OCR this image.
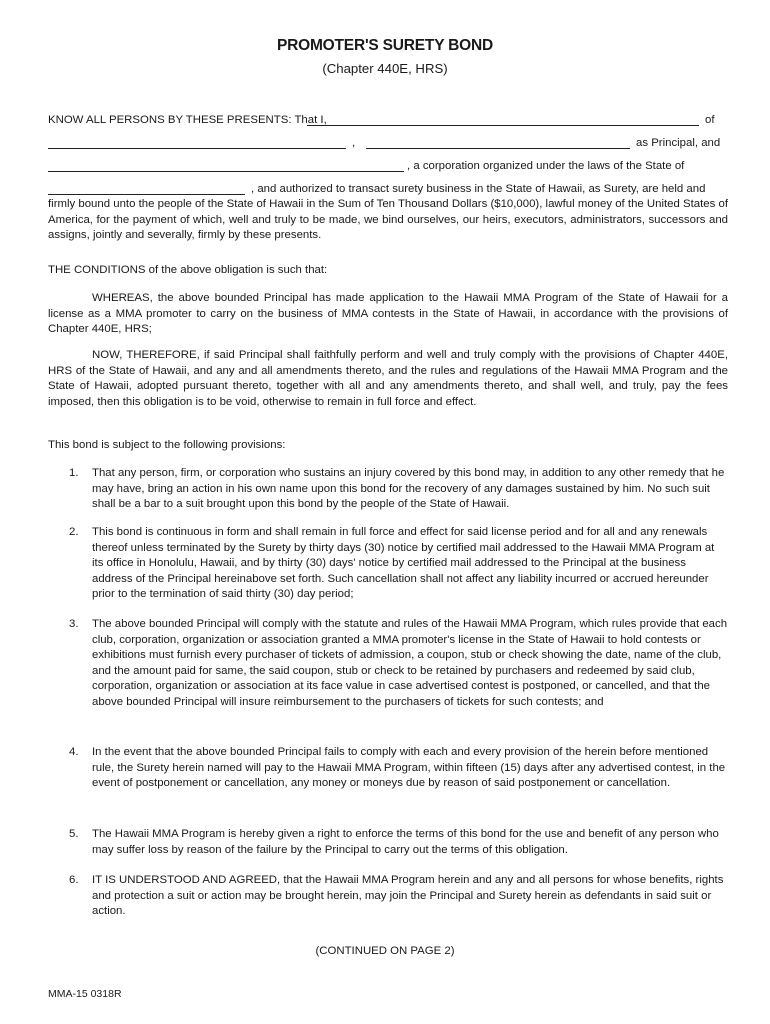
PROMOTER'S SURETY BOND
(Chapter 440E, HRS)
KNOW ALL PERSONS BY THESE PRESENTS: That I,	of
,	as Principal, and
, a corporation organized under the laws of the State of
, and authorized to transact surety business in the State of Hawaii, as Surety, are held and
firmly bound unto the people of the State of Hawaii in the Sum of Ten Thousand Dollars ($10,000), lawful money of the United States of America, for the payment of which, well and truly to be made, we bind ourselves, our heirs, executors, administrators, successors and assigns, jointly and severally, firmly by these presents.
THE CONDITIONS of the above obligation is such that:
WHEREAS, the above bounded Principal has made application to the Hawaii MMA Program of the State of Hawaii for a license as a MMA promoter to carry on the business of MMA contests in the State of Hawaii, in accordance with the provisions of Chapter 440E, HRS;
NOW, THEREFORE, if said Principal shall faithfully perform and well and truly comply with the provisions of Chapter 440E, HRS of the State of Hawaii, and any and all amendments thereto, and the rules and regulations of the Hawaii MMA Program and the State of Hawaii, adopted pursuant thereto, together with all and any amendments thereto, and shall well, and truly, pay the fees imposed, then this obligation is to be void, otherwise to remain in full force and effect.
This bond is subject to the following provisions:
1. That any person, firm, or corporation who sustains an injury covered by this bond may, in addition to any other remedy that he may have, bring an action in his own name upon this bond for the recovery of any damages sustained by him. No such suit shall be a bar to a suit brought upon this bond by the people of the State of Hawaii.
2. This bond is continuous in form and shall remain in full force and effect for said license period and for all and any renewals thereof unless terminated by the Surety by thirty days (30) notice by certified mail addressed to the Hawaii MMA Program at its office in Honolulu, Hawaii, and by thirty (30) days' notice by certified mail addressed to the Principal at the business address of the Principal hereinabove set forth. Such cancellation shall not affect any liability incurred or accrued hereunder prior to the termination of said thirty (30) day period;
3. The above bounded Principal will comply with the statute and rules of the Hawaii MMA Program, which rules provide that each club, corporation, organization or association granted a MMA promoter's license in the State of Hawaii to hold contests or exhibitions must furnish every purchaser of tickets of admission, a coupon, stub or check showing the date, name of the club, and the amount paid for same, the said coupon, stub or check to be retained by purchasers and redeemed by said club, corporation, organization or association at its face value in case advertised contest is postponed, or cancelled, and that the above bounded Principal will insure reimbursement to the purchasers of tickets for such contests; and
4. In the event that the above bounded Principal fails to comply with each and every provision of the herein before mentioned rule, the Surety herein named will pay to the Hawaii MMA Program, within fifteen (15) days after any advertised contest, in the event of postponement or cancellation, any money or moneys due by reason of said postponement or cancellation.
5. The Hawaii MMA Program is hereby given a right to enforce the terms of this bond for the use and benefit of any person who may suffer loss by reason of the failure by the Principal to carry out the terms of this obligation.
6. IT IS UNDERSTOOD AND AGREED, that the Hawaii MMA Program herein and any and all persons for whose benefits, rights and protection a suit or action may be brought herein, may join the Principal and Surety herein as defendants in said suit or action.
(CONTINUED ON PAGE 2)
MMA-15 0318R
